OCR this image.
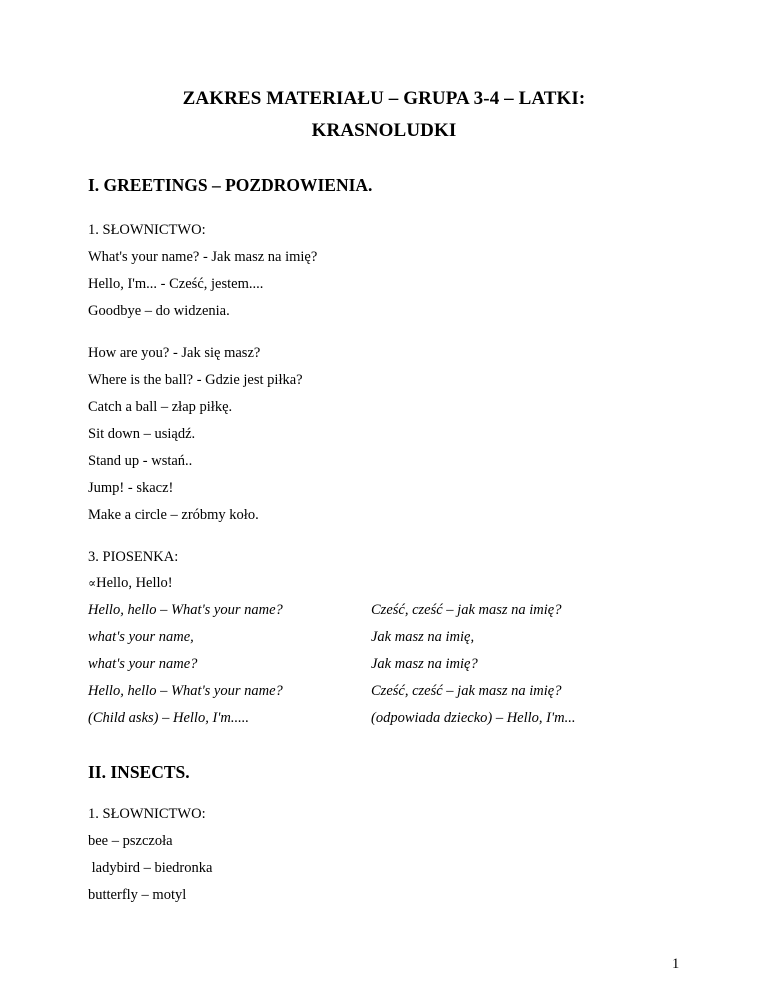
ZAKRES MATERIAŁU – GRUPA 3-4 – LATKI:
KRASNOLUDKI
I. GREETINGS – POZDROWIENIA.
1. SŁOWNICTWO:
What's your name? - Jak masz na imię?
Hello, I'm... - Cześć, jestem....
Goodbye – do widzenia.
How are you? - Jak się masz?
Where is the ball? - Gdzie jest piłka?
Catch a ball – złap piłkę.
Sit down – usiądź.
Stand up - wstań..
Jump! - skacz!
Make a circle – zróbmy koło.
3. PIOSENKA:
∝Hello, Hello!
Hello, hello – What's your name?	Cześć, cześć – jak masz na imię?
what's your name,	Jak masz na imię,
what's your name?	Jak masz na imię?
Hello, hello – What's your name?	Cześć, cześć – jak masz na imię?
(Child asks) – Hello, I'm.....	(odpowiada dziecko) – Hello, I'm...
II. INSECTS.
1. SŁOWNICTWO:
bee – pszczoła
ladybird – biedronka
butterfly – motyl
1
